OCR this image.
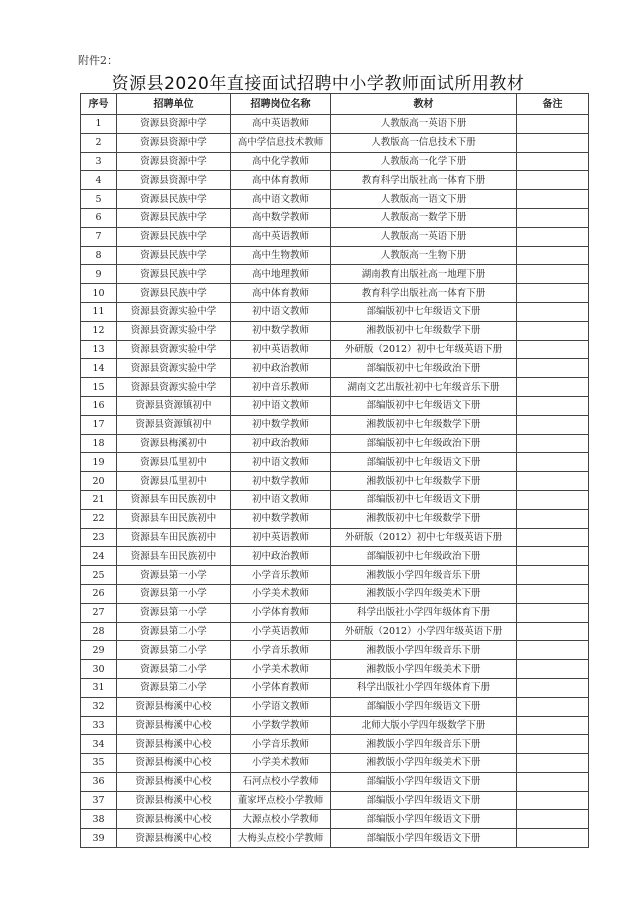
附件2：
资源县2020年直接面试招聘中小学教师面试所用教材
序号	招聘单位	招聘岗位名称	教材	备注
1	资源县资源中学	高中英语教师	人教版高一英语下册	
2	资源县资源中学	高中学信息技术教师	人教版高一信息技术下册	
3	资源县资源中学	高中化学教师	人教版高一化学下册	
4	资源县资源中学	高中体育教师	教育科学出版社高一体育下册	
5	资源县民族中学	高中语文教师	人教版高一语文下册	
6	资源县民族中学	高中数学教师	人教版高一数学下册	
7	资源县民族中学	高中英语教师	人教版高一英语下册	
8	资源县民族中学	高中生物教师	人教版高一生物下册	
9	资源县民族中学	高中地理教师	湖南教育出版社高一地理下册	
10	资源县民族中学	高中体育教师	教育科学出版社高一体育下册	
11	资源县资源实验中学	初中语文教师	部编版初中七年级语文下册	
12	资源县资源实验中学	初中数学教师	湘教版初中七年级数学下册	
13	资源县资源实验中学	初中英语教师	外研版（2012）初中七年级英语下册	
14	资源县资源实验中学	初中政治教师	部编版初中七年级政治下册	
15	资源县资源实验中学	初中音乐教师	湖南文艺出版社初中七年级音乐下册	
16	资源县资源镇初中	初中语文教师	部编版初中七年级语文下册	
17	资源县资源镇初中	初中数学教师	湘教版初中七年级数学下册	
18	资源县梅溪初中	初中政治教师	部编版初中七年级政治下册	
19	资源县瓜里初中	初中语文教师	部编版初中七年级语文下册	
20	资源县瓜里初中	初中数学教师	湘教版初中七年级数学下册	
21	资源县车田民族初中	初中语文教师	部编版初中七年级语文下册	
22	资源县车田民族初中	初中数学教师	湘教版初中七年级数学下册	
23	资源县车田民族初中	初中英语教师	外研版（2012）初中七年级英语下册	
24	资源县车田民族初中	初中政治教师	部编版初中七年级政治下册	
25	资源县第一小学	小学音乐教师	湘教版小学四年级音乐下册	
26	资源县第一小学	小学美术教师	湘教版小学四年级美术下册	
27	资源县第一小学	小学体育教师	科学出版社小学四年级体育下册	
28	资源县第二小学	小学英语教师	外研版（2012）小学四年级英语下册	
29	资源县第二小学	小学音乐教师	湘教版小学四年级音乐下册	
30	资源县第二小学	小学美术教师	湘教版小学四年级美术下册	
31	资源县第二小学	小学体育教师	科学出版社小学四年级体育下册	
32	资源县梅溪中心校	小学语文教师	部编版小学四年级语文下册	
33	资源县梅溪中心校	小学数学教师	北师大版小学四年级数学下册	
34	资源县梅溪中心校	小学音乐教师	湘教版小学四年级音乐下册	
35	资源县梅溪中心校	小学美术教师	湘教版小学四年级美术下册	
36	资源县梅溪中心校	石河点校小学教师	部编版小学四年级语文下册	
37	资源县梅溪中心校	董家坪点校小学教师	部编版小学四年级语文下册	
38	资源县梅溪中心校	大源点校小学教师	部编版小学四年级语文下册	
39	资源县梅溪中心校	大梅头点校小学教师	部编版小学四年级语文下册	
